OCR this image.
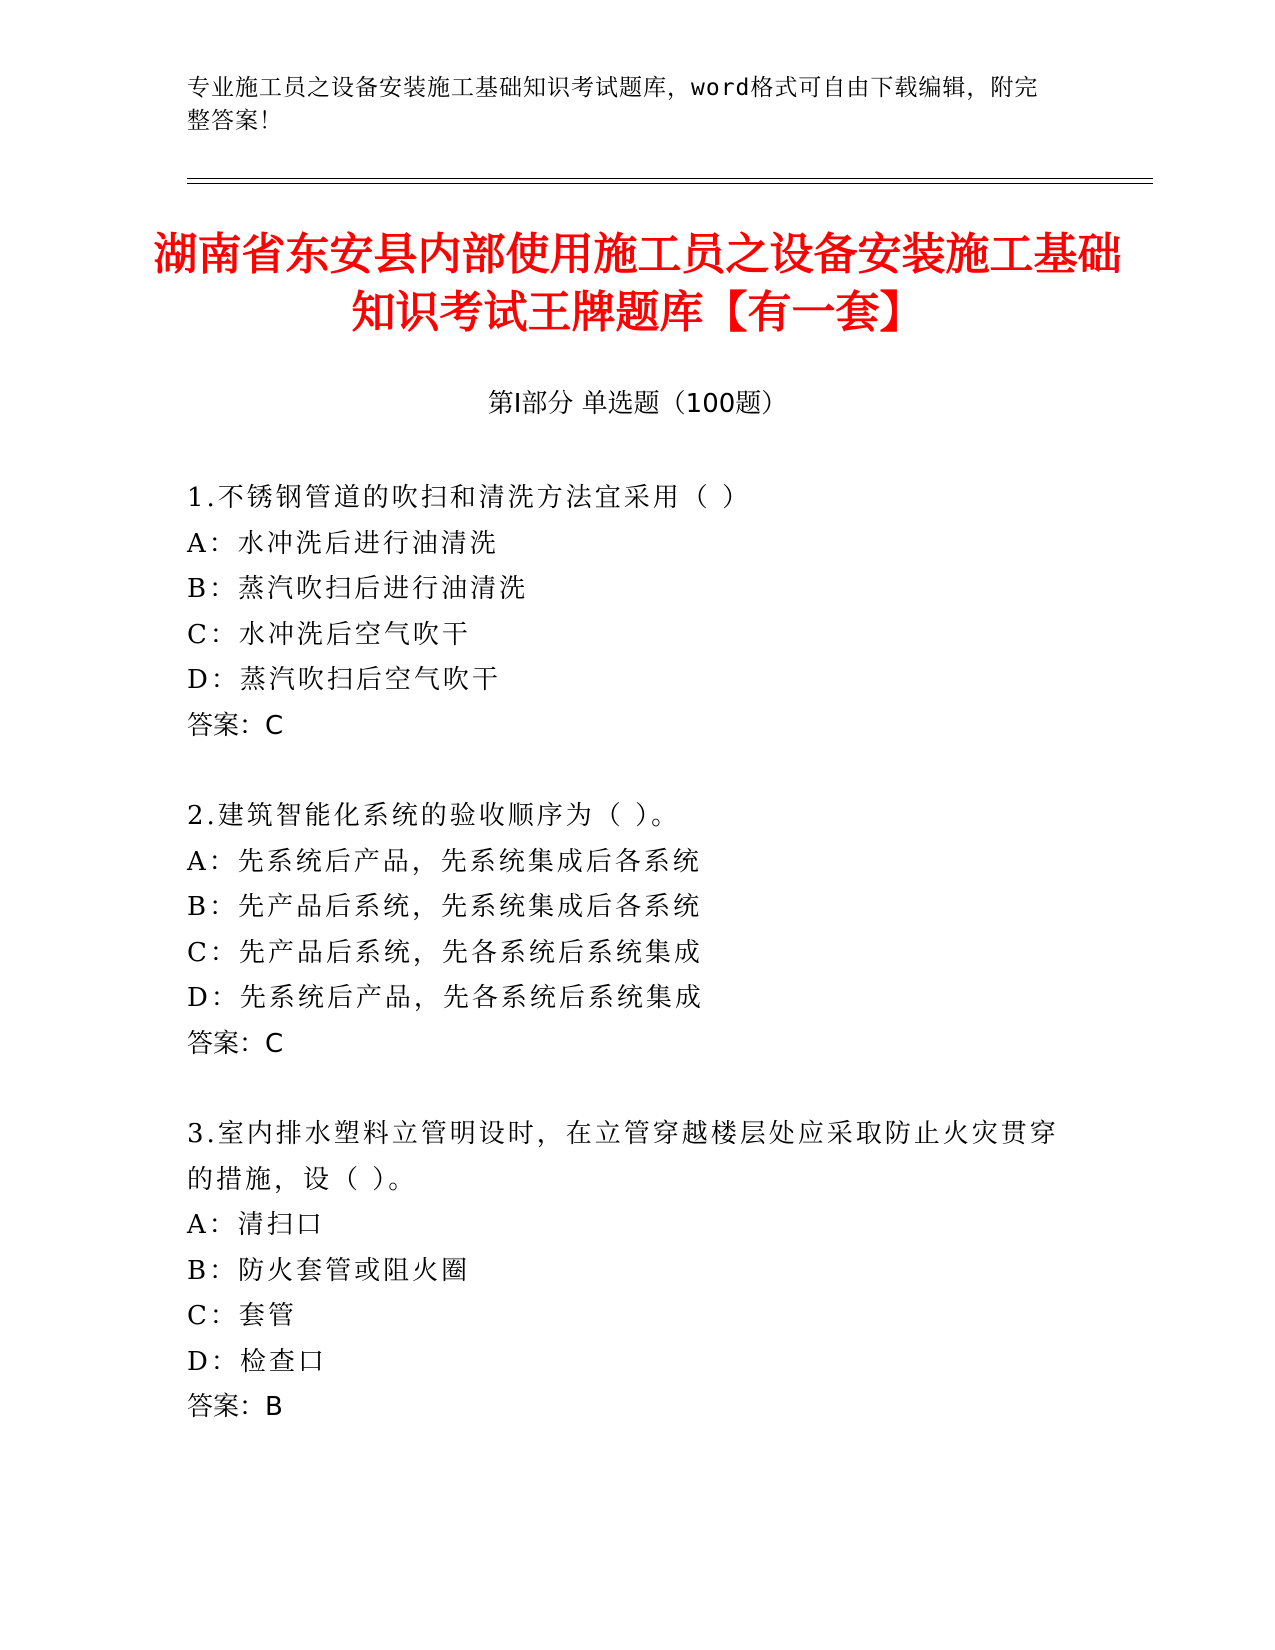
专业施工员之设备安装施工基础知识考试题库，word格式可自由下载编辑，附完整答案！
湖南省东安县内部使用施工员之设备安装施工基础知识考试王牌题库【有一套】
第Ⅰ部分 单选题（100题）
1.不锈钢管道的吹扫和清洗方法宜采用（ ）
A：水冲洗后进行油清洗
B：蒸汽吹扫后进行油清洗
C：水冲洗后空气吹干
D：蒸汽吹扫后空气吹干
答案：C
2.建筑智能化系统的验收顺序为（ ）。
A：先系统后产品，先系统集成后各系统
B：先产品后系统，先系统集成后各系统
C：先产品后系统，先各系统后系统集成
D：先系统后产品，先各系统后系统集成
答案：C
3.室内排水塑料立管明设时，在立管穿越楼层处应采取防止火灾贯穿的措施，设（ ）。
A：清扫口
B：防火套管或阻火圈
C：套管
D：检查口
答案：B
